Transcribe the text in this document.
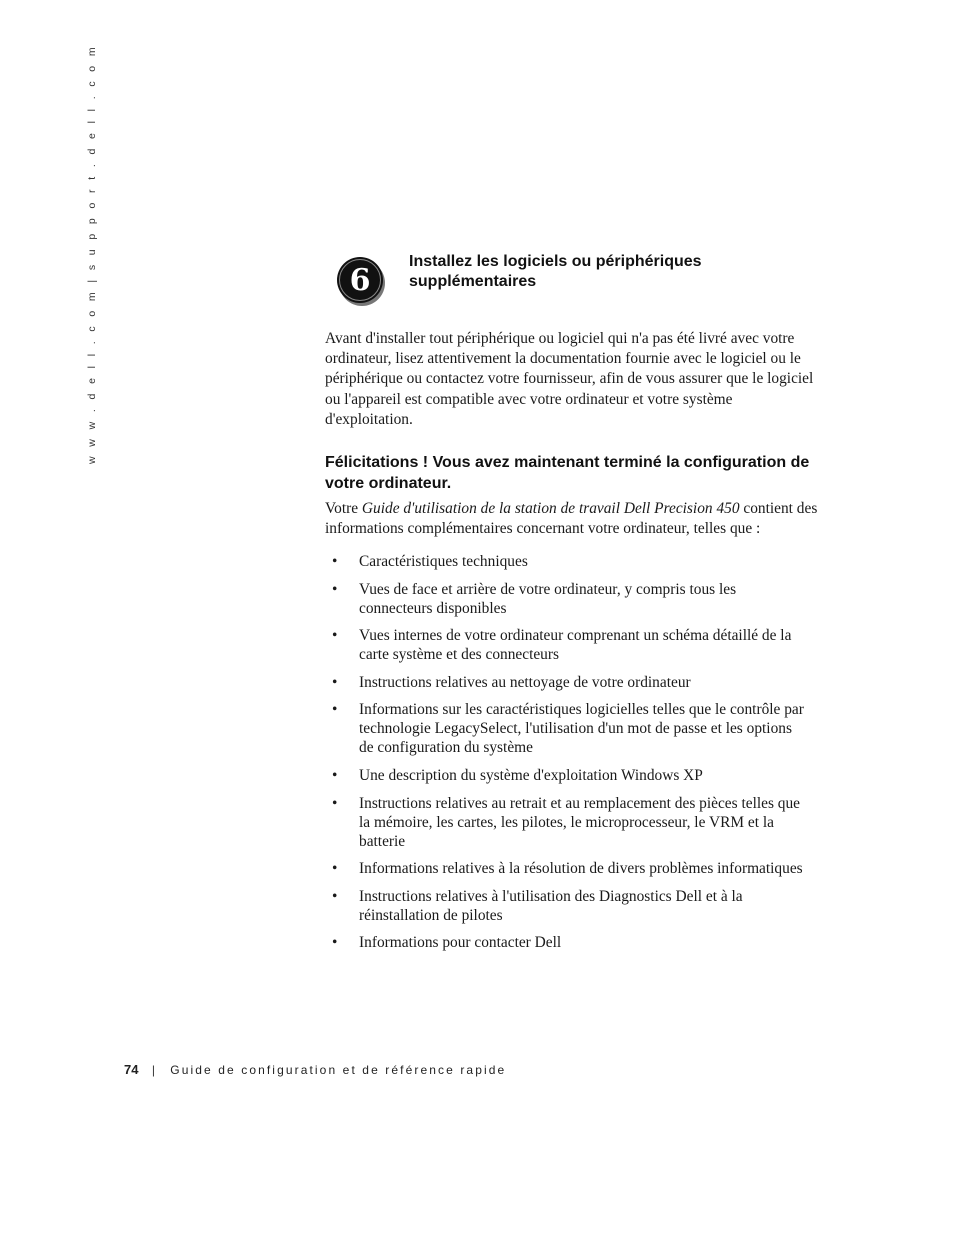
w w w . d e l l . c o m | s u p p o r t . d e l l . c o m	6
Installez les logiciels ou périphériques supplémentaires

Avant d'installer tout périphérique ou logiciel qui n'a pas été livré avec votre ordinateur, lisez attentivement la documentation fournie avec le logiciel ou le périphérique ou contactez votre fournisseur, afin de vous assurer que le logiciel ou l'appareil est compatible avec votre ordinateur et votre système d'exploitation.

Félicitations ! Vous avez maintenant terminé la configuration de votre ordinateur.

Votre Guide d'utilisation de la station de travail Dell Precision 450 contient des informations complémentaires concernant votre ordinateur, telles que :

• Caractéristiques techniques
• Vues de face et arrière de votre ordinateur, y compris tous les connecteurs disponibles
• Vues internes de votre ordinateur comprenant un schéma détaillé de la carte système et des connecteurs
• Instructions relatives au nettoyage de votre ordinateur
• Informations sur les caractéristiques logicielles telles que le contrôle par technologie LegacySelect, l'utilisation d'un mot de passe et les options de configuration du système
• Une description du système d'exploitation Windows XP
• Instructions relatives au retrait et au remplacement des pièces telles que la mémoire, les cartes, les pilotes, le microprocesseur, le VRM et la batterie
• Informations relatives à la résolution de divers problèmes informatiques
• Instructions relatives à l'utilisation des Diagnostics Dell et à la réinstallation de pilotes
• Informations pour contacter Dell
74 | Guide de configuration et de référence rapide
